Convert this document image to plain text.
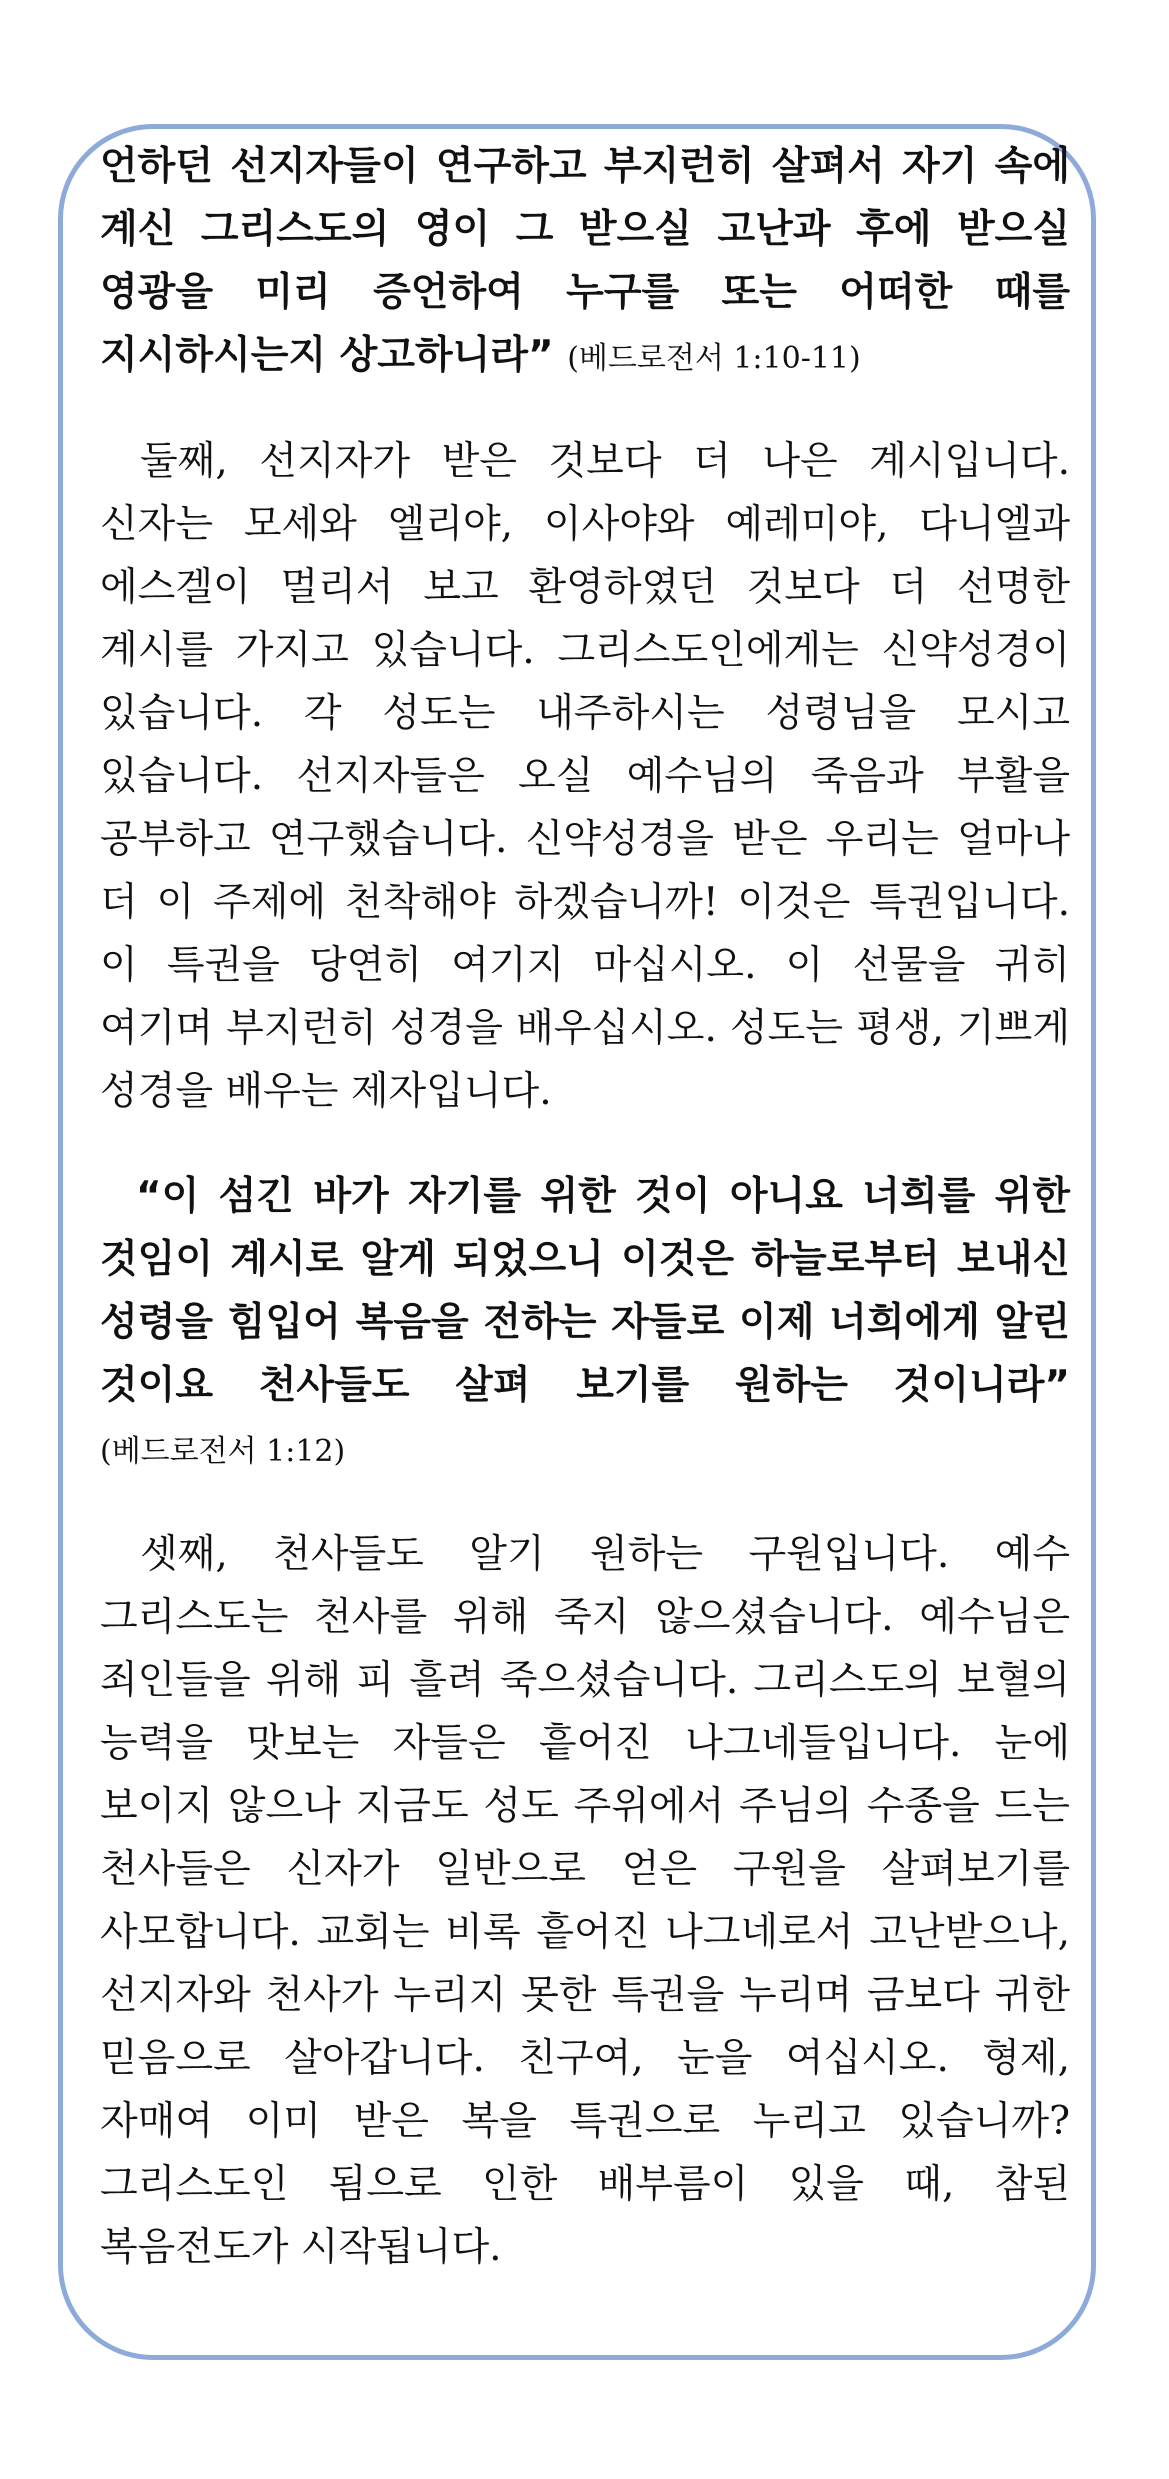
언하던 선지자들이 연구하고 부지런히 살펴서 자기 속에 계신 그리스도의 영이 그 받으실 고난과 후에 받으실 영광을 미리 증언하여 누구를 또는 어떠한 때를 지시하시는지 상고하니라” (베드로전서 1:10-11)

둘째, 선지자가 받은 것보다 더 나은 계시입니다. 신자는 모세와 엘리야, 이사야와 예레미야, 다니엘과 에스겔이 멀리서 보고 환영하였던 것보다 더 선명한 계시를 가지고 있습니다. 그리스도인에게는 신약성경이 있습니다. 각 성도는 내주하시는 성령님을 모시고 있습니다. 선지자들은 오실 예수님의 죽음과 부활을 공부하고 연구했습니다. 신약성경을 받은 우리는 얼마나 더 이 주제에 천착해야 하겠습니까! 이것은 특권입니다. 이 특권을 당연히 여기지 마십시오. 이 선물을 귀히 여기며 부지런히 성경을 배우십시오. 성도는 평생, 기쁘게 성경을 배우는 제자입니다.

“이 섬긴 바가 자기를 위한 것이 아니요 너희를 위한 것임이 계시로 알게 되었으니 이것은 하늘로부터 보내신 성령을 힘입어 복음을 전하는 자들로 이제 너희에게 알린 것이요 천사들도 살펴 보기를 원하는 것이니라” (베드로전서 1:12)

셋째, 천사들도 알기 원하는 구원입니다. 예수 그리스도는 천사를 위해 죽지 않으셨습니다. 예수님은 죄인들을 위해 피 흘려 죽으셨습니다. 그리스도의 보혈의 능력을 맛보는 자들은 흩어진 나그네들입니다. 눈에 보이지 않으나 지금도 성도 주위에서 주님의 수종을 드는 천사들은 신자가 일반으로 얻은 구원을 살펴보기를 사모합니다. 교회는 비록 흩어진 나그네로서 고난받으나, 선지자와 천사가 누리지 못한 특권을 누리며 금보다 귀한 믿음으로 살아갑니다. 친구여, 눈을 여십시오. 형제, 자매여 이미 받은 복을 특권으로 누리고 있습니까? 그리스도인 됨으로 인한 배부름이 있을 때, 참된 복음전도가 시작됩니다.
